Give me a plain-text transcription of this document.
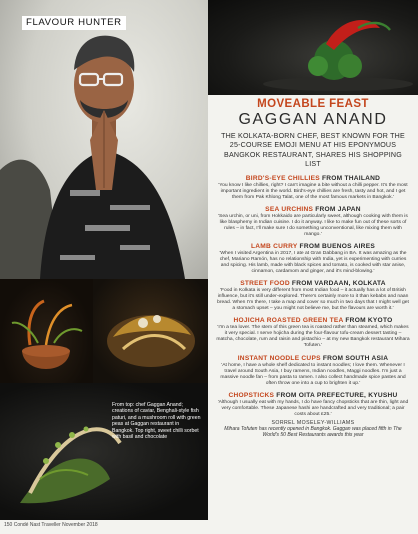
FLAVOUR HUNTER
From top: chef Gaggan Anand; creations of caviar, Benghali-style fish paturi, and a mushroom roll with green peas at Gaggan restaurant in Bangkok. Top right, sweet chilli sorbet with basil and chocolate
150 Condé Nast Traveller November 2018
MOVEABLE FEAST
GAGGAN ANAND
THE KOLKATA-BORN CHEF, BEST KNOWN FOR THE 25-COURSE EMOJI MENU AT HIS EPONYMOUS BANGKOK RESTAURANT, SHARES HIS SHOPPING LIST
BIRD'S-EYE CHILLIES FROM THAILAND
'You know I like chillies, right? I can't imagine a bite without a chilli pepper. It's the most important ingredient in the world. Bird's-eye chillies are fresh, tasty and hot, and I get them from Pak Khlong Talat, one of the most famous markets in Bangkok.'
SEA URCHINS FROM JAPAN
'Sea urchin, or uni, from Hokkaido are particularly sweet, although cooking with them is like blasphemy in Indian cuisine. I do it anyway. I like to make fun out of these sorts of rules – in fact, I'll make sure I do something unconventional, like mixing them with mango.'
LAMB CURRY FROM BUENOS AIRES
'When I visited Argentina in 2017, I ate at Gran Dabbang in BA. It was amazing as the chef, Mariano Ramón, has no relationship with India, yet is experimenting with curries and spicing. His lamb, made with black spices and tomato, is cooked with star anise, cinnamon, cardamom and ginger, and it's mind-blowing.'
STREET FOOD FROM VARDAAN, KOLKATA
'Food in Kolkata is very different from most Indian food – it actually has a lot of British influence, but it's still under-explored. There's certainly more to it than kebabs and naan bread. When I'm there, I take a map and cover so much in two days that I might well get a stomach upset – you might not believe me, but the flavours are worth it.'
HOJICHA ROASTED GREEN TEA FROM KYOTO
'I'm a tea lover. The stem of this green tea is roasted rather than steamed, which makes it very special. I serve hojicha during the four-flavour tofu-cream dessert tasting – matcha, chocolate, rum and raisin and pistachio – at my new Bangkok restaurant Mihara Tofuten.'
INSTANT NOODLE CUPS FROM SOUTH ASIA
'At home, I have a whole shelf dedicated to instant noodles; I love them. Whenever I travel around South Asia, I buy ramens, Indian noodles, Maggi noodles. I'm just a massive noodle fan – from pasta to ramen. I also collect handmade spice pastes and often throw one into a cup to brighten it up.'
CHOPSTICKS FROM OITA PREFECTURE, KYUSHU
'Although I usually eat with my hands, I do have fancy chopsticks that are thin, light and very comfortable. These Japanese hashi are handcrafted and very traditional; a pair costs about £25.'
SORREL MOSELEY-WILLIAMS
Mihara Tofuten has recently opened in Bangkok. Gaggan was placed fifth in The World's 50 Best Restaurants awards this year
